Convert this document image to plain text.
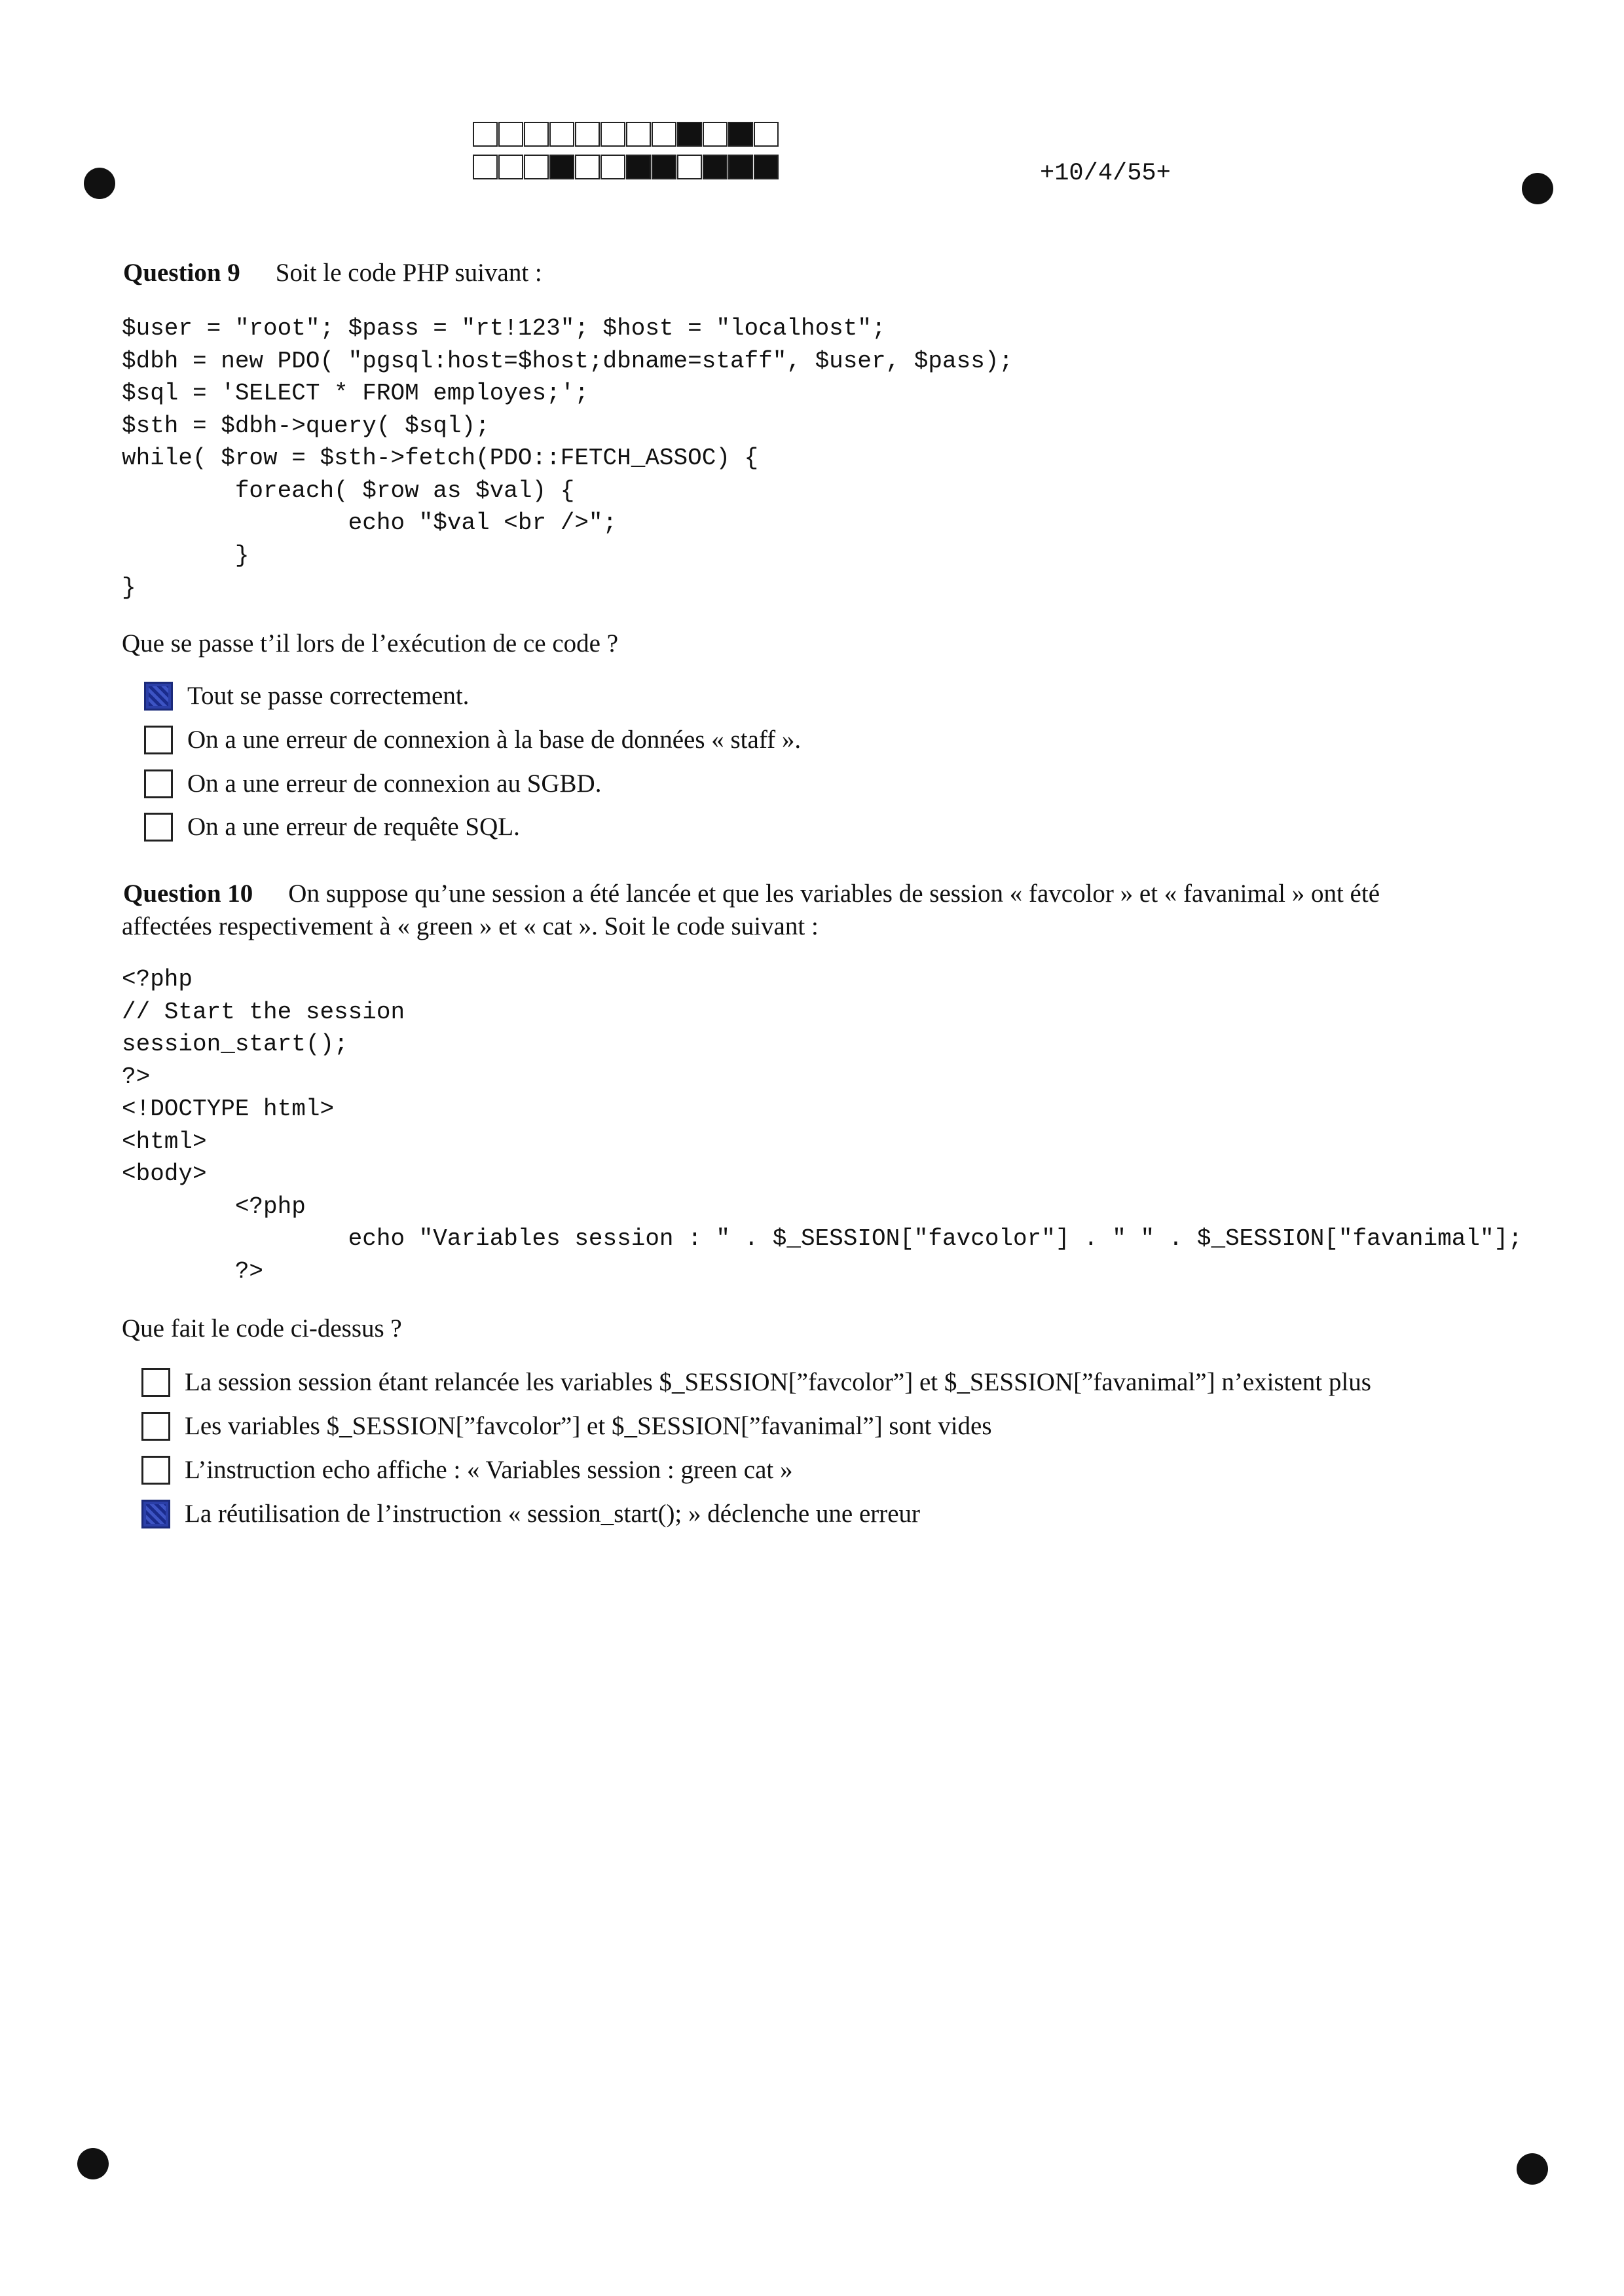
+10/4/55+
Question 9 Soit le code PHP suivant :
$user = "root"; $pass = "rt!123"; $host = "localhost";
$dbh = new PDO( "pgsql:host=$host;dbname=staff", $user, $pass);
$sql = 'SELECT * FROM employes;';
$sth = $dbh->query( $sql);
while( $row = $sth->fetch(PDO::FETCH_ASSOC) {
foreach( $row as $val) {
echo "$val <br />";
}
}
Que se passe t’il lors de l’exécution de ce code ?
Tout se passe correctement.
On a une erreur de connexion à la base de données « staff ».
On a une erreur de connexion au SGBD.
On a une erreur de requête SQL.
Question 10 On suppose qu’une session a été lancée et que les variables de session « favcolor » et « favanimal » ont été
affectées respectivement à « green » et « cat ». Soit le code suivant :
<?php
// Start the session
session_start();
?>
<!DOCTYPE html>
<html>
<body>
<?php
echo "Variables session : " . $_SESSION["favcolor"] . " " . $_SESSION["favanimal"];
?>
Que fait le code ci-dessus ?
La session session étant relancée les variables $_SESSION[”favcolor”] et $_SESSION[”favanimal”] n’existent plus
Les variables $_SESSION[”favcolor”] et $_SESSION[”favanimal”] sont vides
L’instruction echo affiche : « Variables session : green cat »
La réutilisation de l’instruction « session_start(); » déclenche une erreur
